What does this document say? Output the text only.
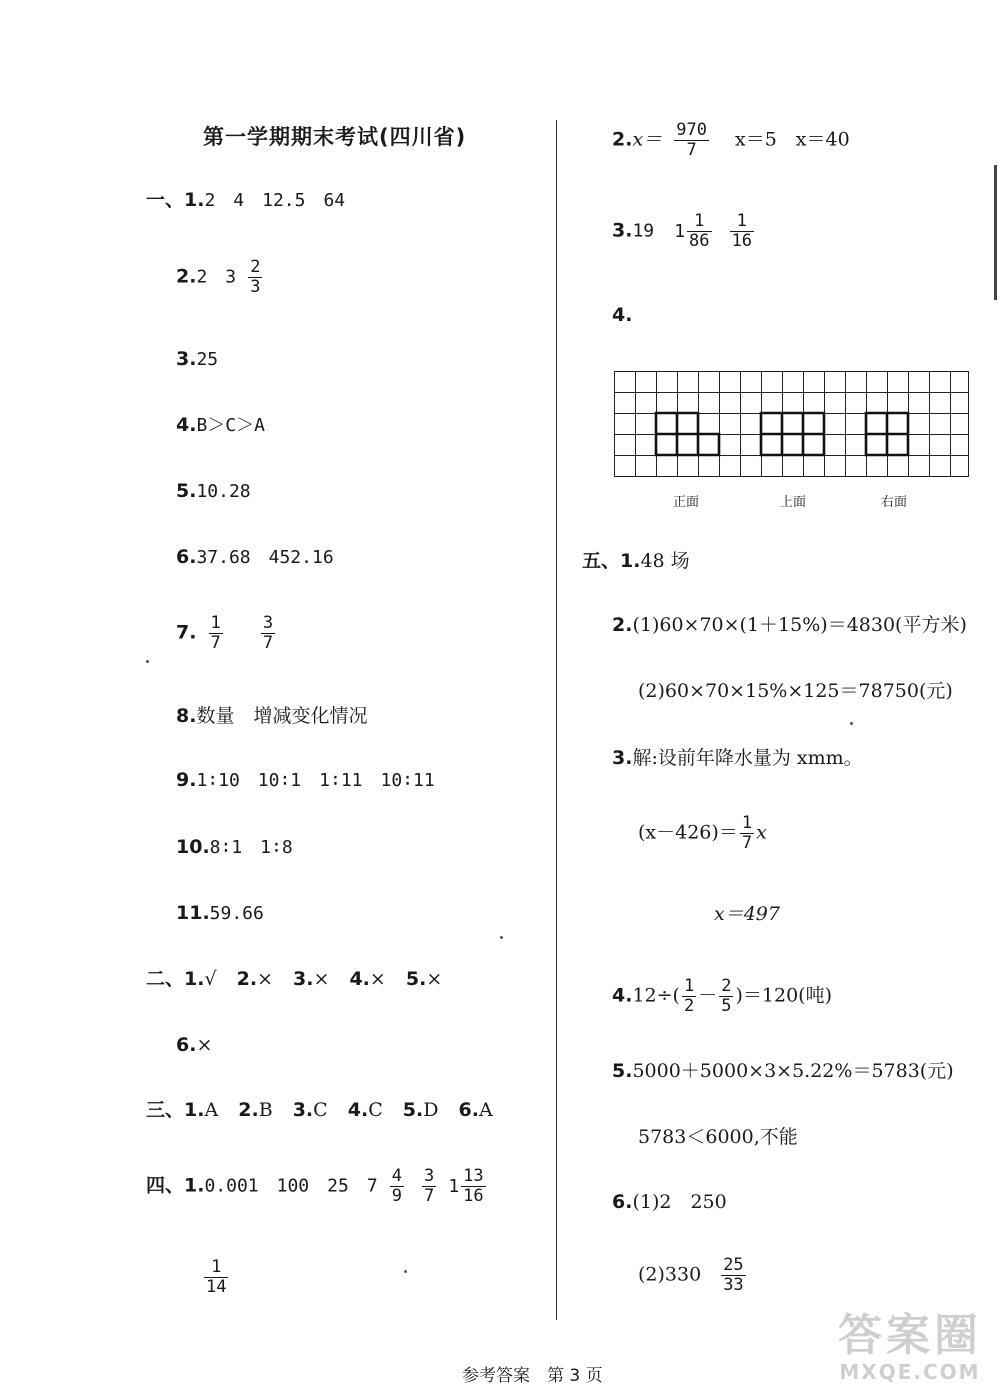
第一学期期末考试(四川省)
一、1.2　4　12.5　64
2.2　$3 \frac{2}{3}$
3.25
4.B＞C＞A
5.10.28
6.37.68　452.16
7. $\frac{1}{7}$
$\frac{3}{7}$
8.数量　增减变化情况
9.1∶10　10∶1　1∶11　10∶11
10.8∶1　1∶8
11.59.66
二、1.√ 2.× 3.× 4.× 5.×
6.×
三、1.A 2.B 3.C 4.C 5.D 6.A
四、1.0.001　100　25　$7 \frac{4}{9}$
$\frac{3}{7} 1 \frac{13}{16}$
$\frac{1}{14}$
$2.x= \frac{970}{7} x=5$　x＝40
3.19 $1 \frac{1}{86}$
$\frac{1}{16}$
4.
正面	上面	右面
五、1.48 场
2.(1)60×70×(1＋15%)＝4830(平方米)
(2)60×70×15%×125＝78750(元)
3.解:设前年降水量为 xmm。
$(x-426)= \frac{1}{7}$ x
x＝497
$4.12\div( \frac{1}{2} - \frac{2}{5} )=120$(吨)
5.5000＋5000×3×5.22%＝5783(元)
5783＜6000,不能
6.(1)2　250
$(2)330 \frac{25}{33}$
参考答案　第 3 页
答案圈
MXQE.COM
